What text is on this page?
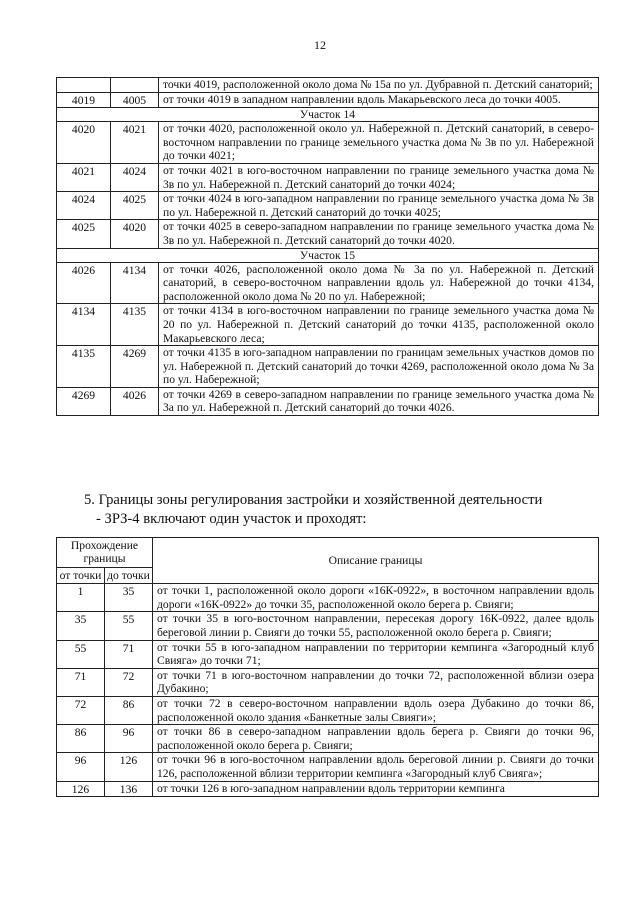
12
		точки 4019, расположенной около дома № 15а по ул. Дубравной п. Детский санаторий;
4019	4005	от точки 4019 в западном направлении вдоль Макарьевского леса до точки 4005.
Участок 14		
4020	4021	от точки 4020, расположенной около ул. Набережной п. Детский санаторий, в северо-восточном направлении по границе земельного участка дома № 3в по ул. Набережной до точки 4021;
4021	4024	от точки 4021 в юго-восточном направлении по границе земельного участка дома № 3в по ул. Набережной п. Детский санаторий до точки 4024;
4024	4025	от точки 4024 в юго-западном направлении по границе земельного участка дома № 3в по ул. Набережной п. Детский санаторий до точки 4025;
4025	4020	от точки 4025 в северо-западном направлении по границе земельного участка дома № 3в по ул. Набережной п. Детский санаторий до точки 4020.
Участок 15		
4026	4134	от точки 4026, расположенной около дома № 3а по ул. Набережной п. Детский санаторий, в северо-восточном направлении вдоль ул. Набережной до точки 4134, расположенной около дома № 20 по ул. Набережной;
4134	4135	от точки 4134 в юго-восточном направлении по границе земельного участка дома № 20 по ул. Набережной п. Детский санаторий до точки 4135, расположенной около Макарьевского леса;
4135	4269	от точки 4135 в юго-западном направлении по границам земельных участков домов по ул. Набережной п. Детский санаторий до точки 4269, расположенной около дома № 3а по ул. Набережной;
4269	4026	от точки 4269 в северо-западном направлении по границе земельного участка дома № 3а по ул. Набережной п. Детский санаторий до точки 4026.
5. Границы зоны регулирования застройки и хозяйственной деятельности
- ЗРЗ-4 включают один участок и проходят:
Прохождение границы		Описание границы
от точки	до точки	
1	35	от точки 1, расположенной около дороги «16К-0922», в восточном направлении вдоль дороги «16К-0922» до точки 35, расположенной около берега р. Свияги;
35	55	от точки 35 в юго-восточном направлении, пересекая дорогу 16К-0922, далее вдоль береговой линии р. Свияги до точки 55, расположенной около берега р. Свияги;
55	71	от точки 55 в юго-западном направлении по территории кемпинга «Загородный клуб Свияга» до точки 71;
71	72	от точки 71 в юго-восточном направлении до точки 72, расположенной вблизи озера Дубакино;
72	86	от точки 72 в северо-восточном направлении вдоль озера Дубакино до точки 86, расположенной около здания «Банкетные залы Свияги»;
86	96	от точки 86 в северо-западном направлении вдоль берега р. Свияги до точки 96, расположенной около берега р. Свияги;
96	126	от точки 96 в юго-восточном направлении вдоль береговой линии р. Свияги до точки 126, расположенной вблизи территории кемпинга «Загородный клуб Свияга»;
126	136	от точки 126 в юго-западном направлении вдоль территории кемпинга
